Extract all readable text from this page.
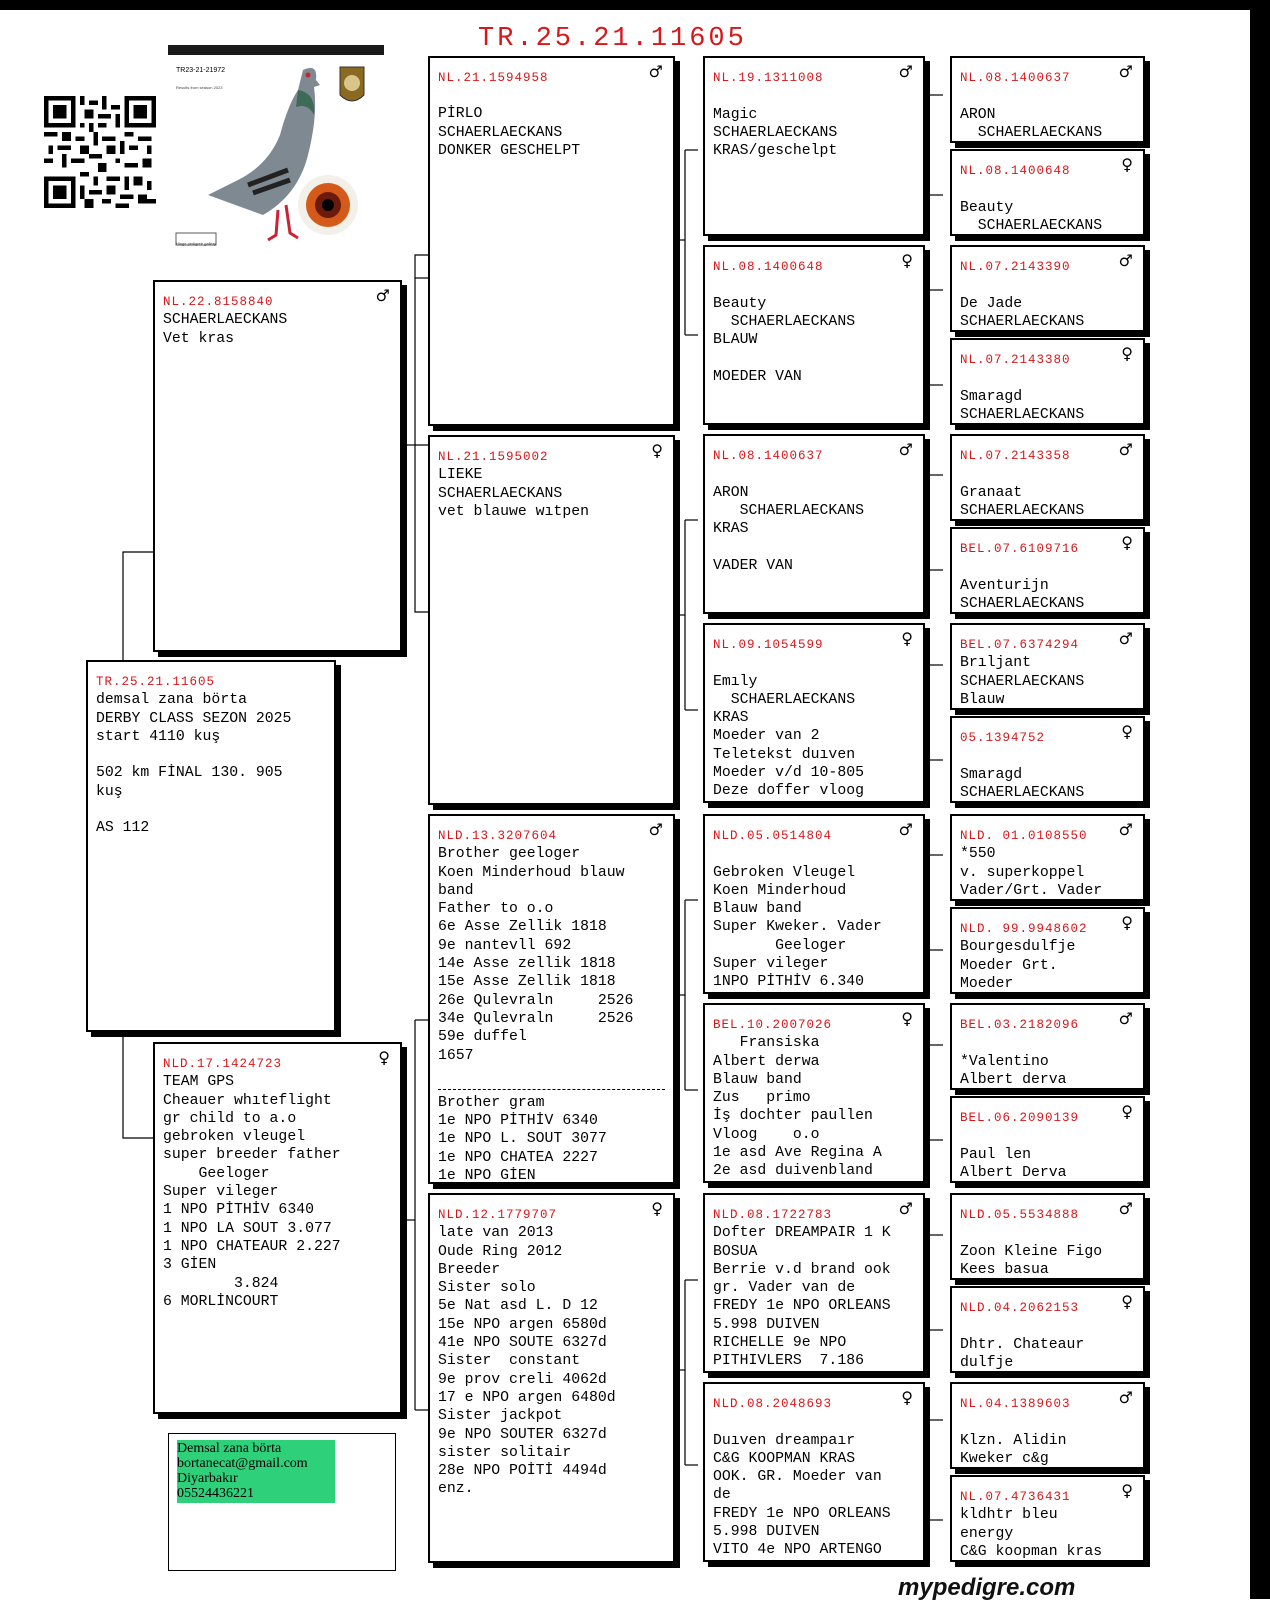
TR.25.21.11605
TR23-21-21972
Results from season 2023
Hinge pedigree gallery
TR.25.21.11605
demsal zana börta
DERBY CLASS SEZON 2025
start 4110 kuş

502 km FİNAL 130. 905
kuş

AS 112
♂
NL.22.8158840
SCHAERLAECKANS
Vet kras
♀
NLD.17.1424723
TEAM GPS
Cheauer whıteflight
gr child to a.o
gebroken vleugel
super breeder father
Geeloger
Super vileger
1 NPO PİTHİV 6340
1 NPO LA SOUT 3.077
1 NPO CHATEAUR 2.227
3 GİEN
3.824
6 MORLİNCOURT
♂
NL.21.1594958
PİRLO
SCHAERLAECKANS
DONKER GESCHELPT
♀
NL.21.1595002
LIEKE
SCHAERLAECKANS
vet blauwe wıtpen
♂
NLD.13.3207604
Brother geeloger
Koen Minderhoud blauw
band
Father to o.o
6e Asse Zellik 1818
9e nantevll 692
14e Asse zellik 1818
15e Asse Zellik 1818
26e Qulevraln     2526
34e Qulevraln     2526
59e duffel
1657
Brother gram
1e NPO PİTHİV 6340
1e NPO L. SOUT 3077
1e NPO CHATEA 2227
1e NPO GİEN
♀
NLD.12.1779707
late van 2013
Oude Ring 2012
Breeder
Sister solo
5e Nat asd L. D 12
15e NPO argen 6580d
41e NPO SOUTE 6327d
Sister  constant
9e prov creli 4062d
17 e NPO argen 6480d
Sister jackpot
9e NPO SOUTER 6327d
sister solitair
28e NPO POİTİ 4494d
enz.
♂
NL.19.1311008

Magic
SCHAERLAECKANS
KRAS/geschelpt
♀
NL.08.1400648

Beauty
SCHAERLAECKANS
BLAUW

MOEDER VAN
♂
NL.08.1400637

ARON
SCHAERLAECKANS
KRAS

VADER VAN
♀
NL.09.1054599

Emıly
SCHAERLAECKANS
KRAS
Moeder van 2
Teletekst duıven
Moeder v/d 10-805
Deze doffer vloog
♂
NLD.05.0514804

Gebroken Vleugel
Koen Minderhoud
Blauw band
Super Kweker. Vader
Geeloger
Super vileger
1NPO PİTHİV 6.340
♀
BEL.10.2007026
Fransiska
Albert derwa
Blauw band
Zus   primo
İş dochter paullen
Vloog    o.o
1e asd Ave Regina A
2e asd duivenbland
♂
NLD.08.1722783
Dofter DREAMPAIR 1 K
BOSUA
Berrie v.d brand ook
gr. Vader van de
FREDY 1e NPO ORLEANS
5.998 DUIVEN
RICHELLE 9e NPO
PITHIVLERS  7.186
♀
NLD.08.2048693

Duıven dreampaır
C&G KOOPMAN KRAS
OOK. GR. Moeder van
de
FREDY 1e NPO ORLEANS
5.998 DUIVEN
VITO 4e NPO ARTENGO
♂
NL.08.1400637

ARON
SCHAERLAECKANS
♀
NL.08.1400648

Beauty
SCHAERLAECKANS
♂
NL.07.2143390

De Jade
SCHAERLAECKANS
♀
NL.07.2143380

Smaragd
SCHAERLAECKANS
♂
NL.07.2143358

Granaat
SCHAERLAECKANS
♀
BEL.07.6109716

Aventurijn
SCHAERLAECKANS
♂
BEL.07.6374294
Brıljant
SCHAERLAECKANS
Blauw
♀
05.1394752

Smaragd
SCHAERLAECKANS
♂
NLD. 01.0108550
*550
v. superkoppel
Vader/Grt. Vader
♀
NLD. 99.9948602
Bourgesdulfje
Moeder Grt.
Moeder
♂
BEL.03.2182096

*Valentino
Albert derva
♀
BEL.06.2090139

Paul len
Albert Derva
♂
NLD.05.5534888

Zoon Kleine Figo
Kees basua
♀
NLD.04.2062153

Dhtr. Chateaur
dulfje
♂
NL.04.1389603

Klzn. Alidin
Kweker c&g
♀
NL.07.4736431
kldhtr bleu
energy
C&G koopman kras
Demsal zana börta
bortanecat@gmail.com
Diyarbakır
05524436221
mypedigre.com
